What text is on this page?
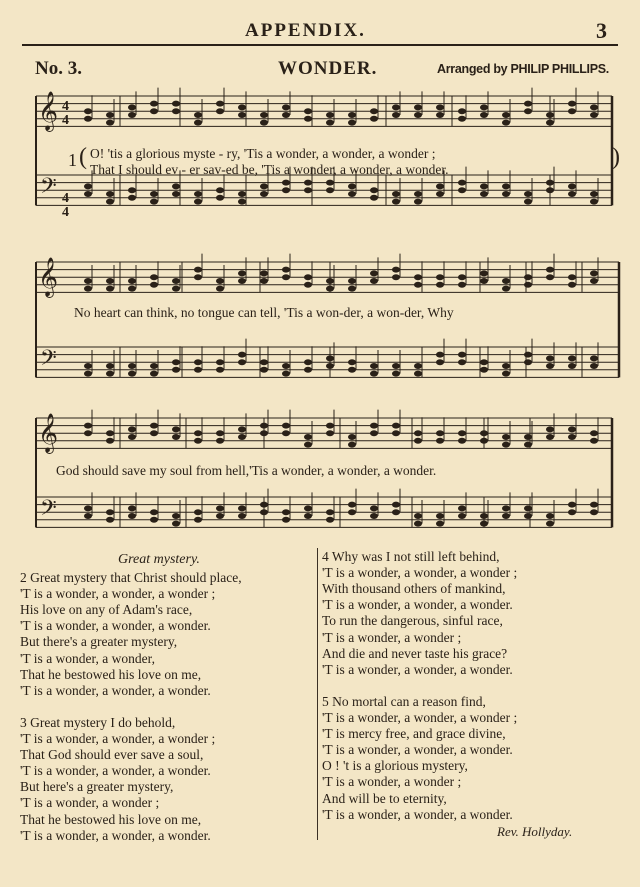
APPENDIX.	3
No. 3.	WONDER.	Arranged by PHILIP PHILLIPS.
𝄞
𝄢
𝄞
𝄢
𝄞
𝄢
4
4
4
4
1 (	)
O! 'tis a glorious myste - ry, 'Tis a wonder, a wonder, a wonder ;
That I should ev - er sav-ed be, 'Tis a wonder, a wonder, a wonder.
No heart can think, no tongue can tell, 'Tis a won-der, a won-der, Why
God should save my soul from hell,'Tis a wonder, a wonder, a wonder.
Great mystery.
2 Great mystery that Christ should place,
'T is a wonder, a wonder, a wonder ;
His love on any of Adam's race,
'T is a wonder, a wonder, a wonder.
But there's a greater mystery,
'T is a wonder, a wonder,
That he bestowed his love on me,
'T is a wonder, a wonder, a wonder.
3 Great mystery I do behold,
'T is a wonder, a wonder, a wonder ;
That God should ever save a soul,
'T is a wonder, a wonder, a wonder.
But here's a greater mystery,
'T is a wonder, a wonder ;
That he bestowed his love on me,
'T is a wonder, a wonder, a wonder.
4 Why was I not still left behind,
'T is a wonder, a wonder, a wonder ;
With thousand others of mankind,
'T is a wonder, a wonder, a wonder.
To run the dangerous, sinful race,
'T is a wonder, a wonder ;
And die and never taste his grace?
'T is a wonder, a wonder, a wonder.
5 No mortal can a reason find,
'T is a wonder, a wonder, a wonder ;
'T is mercy free, and grace divine,
'T is a wonder, a wonder, a wonder.
O ! 't is a glorious mystery,
'T is a wonder, a wonder ;
And will be to eternity,
'T is a wonder, a wonder, a wonder.
Rev. Hollyday.
